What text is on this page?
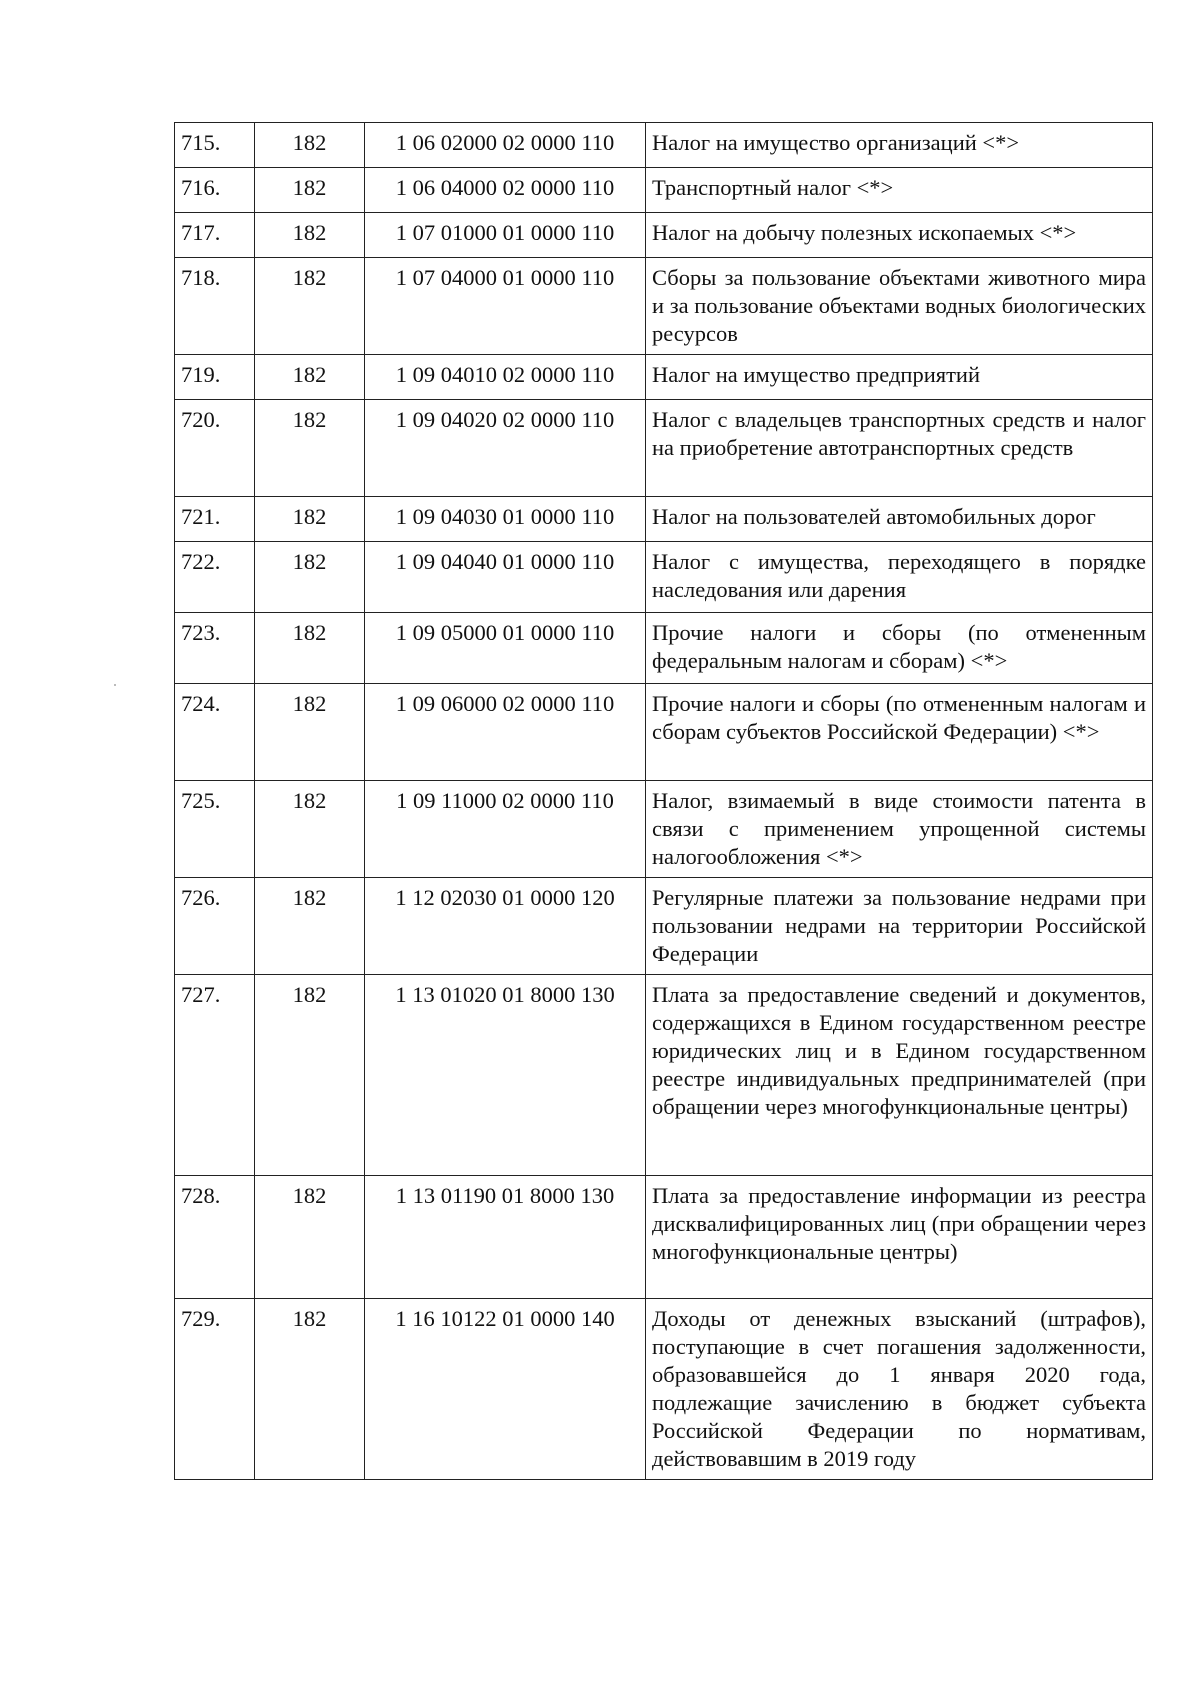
715.	182	1 06 02000 02 0000 110	Налог на имущество организаций <*>
716.	182	1 06 04000 02 0000 110	Транспортный налог <*>
717.	182	1 07 01000 01 0000 110	Налог на добычу полезных ископаемых <*>
718.	182	1 07 04000 01 0000 110	Сборы за пользование объектами животного мира и за пользование объектами водных биологических ресурсов
719.	182	1 09 04010 02 0000 110	Налог на имущество предприятий
720.	182	1 09 04020 02 0000 110	Налог с владельцев транспортных средств и налог на приобретение автотранспортных средств
721.	182	1 09 04030 01 0000 110	Налог на пользователей автомобильных дорог
722.	182	1 09 04040 01 0000 110	Налог с имущества, переходящего в порядке наследования или дарения
723.	182	1 09 05000 01 0000 110	Прочие налоги и сборы (по отмененным федеральным налогам и сборам) <*>
724.	182	1 09 06000 02 0000 110	Прочие налоги и сборы (по отмененным налогам и сборам субъектов Российской Федерации) <*>
725.	182	1 09 11000 02 0000 110	Налог, взимаемый в виде стоимости патента в связи с применением упрощенной системы налогообложения <*>
726.	182	1 12 02030 01 0000 120	Регулярные платежи за пользование недрами при пользовании недрами на территории Российской Федерации
727.	182	1 13 01020 01 8000 130	Плата за предоставление сведений и документов, содержащихся в Едином государственном реестре юридических лиц и в Едином государственном реестре индивидуальных предпринимателей (при обращении через многофункциональные центры)
728.	182	1 13 01190 01 8000 130	Плата за предоставление информации из реестра дисквалифицированных лиц (при обращении через многофункциональные центры)
729.	182	1 16 10122 01 0000 140	Доходы от денежных взысканий (штрафов), поступающие в счет погашения задолженности, образовавшейся до 1 января 2020 года, подлежащие зачислению в бюджет субъекта Российской Федерации по нормативам, действовавшим в 2019 году
